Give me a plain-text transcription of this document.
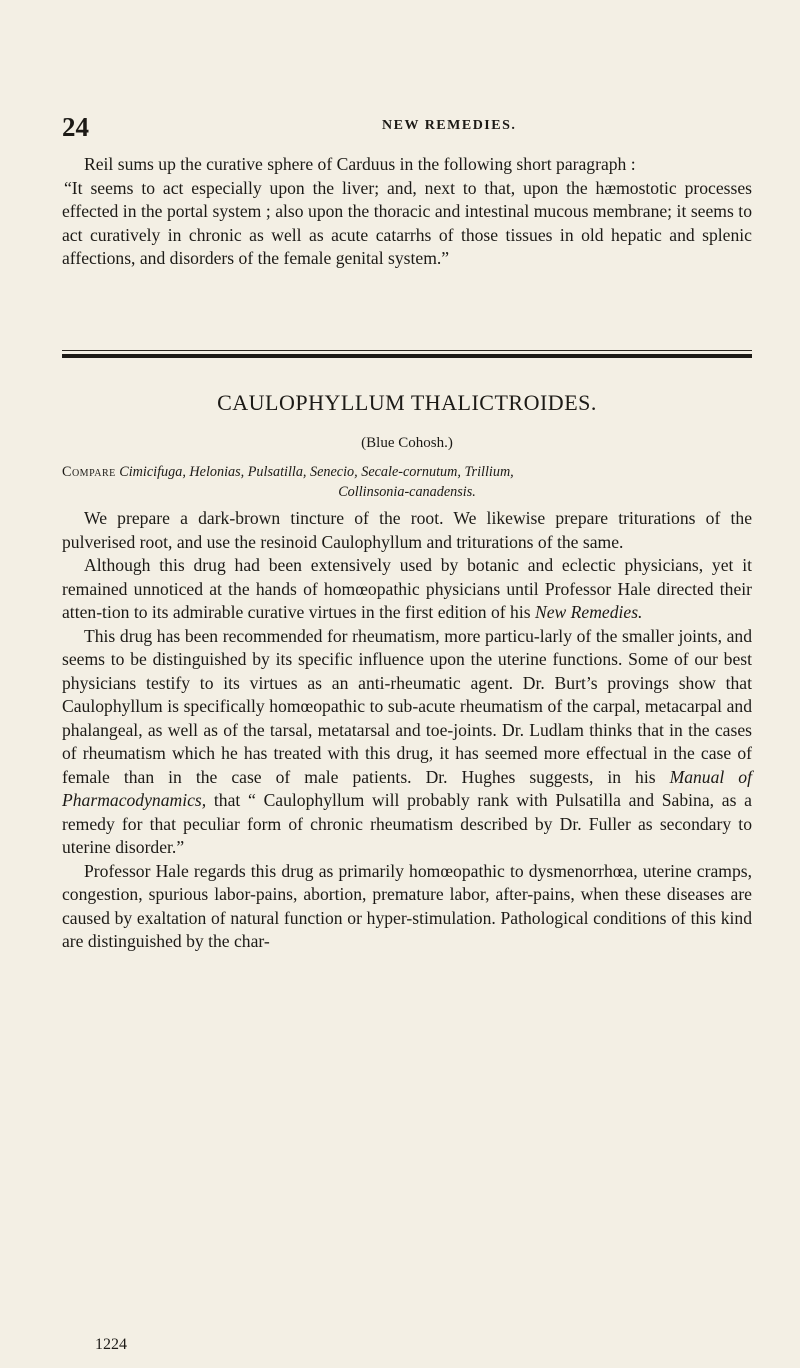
24	NEW REMEDIES.

Reil sums up the curative sphere of Carduus in the following short paragraph :

“It seems to act especially upon the liver; and, next to that, upon the hæmostotic processes effected in the portal system ; also upon the thoracic and intestinal mucous membrane; it seems to act curatively in chronic as well as acute catarrhs of those tissues in old hepatic and splenic affections, and disorders of the female genital system.”

CAULOPHYLLUM THALICTROIDES.
(Blue Cohosh.)
Compare Cimicifuga, Helonias, Pulsatilla, Senecio, Secale-cornutum, Trillium,
Collinsonia-canadensis.

We prepare a dark-brown tincture of the root. We likewise prepare triturations of the pulverised root, and use the resinoid Caulophyllum and triturations of the same.

Although this drug had been extensively used by botanic and eclectic physicians, yet it remained unnoticed at the hands of homœopathic physicians until Professor Hale directed their atten-tion to its admirable curative virtues in the first edition of his New Remedies.

This drug has been recommended for rheumatism, more particu-larly of the smaller joints, and seems to be distinguished by its specific influence upon the uterine functions. Some of our best physicians testify to its virtues as an anti-rheumatic agent. Dr. Burt’s provings show that Caulophyllum is specifically homœopathic to sub-acute rheumatism of the carpal, metacarpal and phalangeal, as well as of the tarsal, metatarsal and toe-joints. Dr. Ludlam thinks that in the cases of rheumatism which he has treated with this drug, it has seemed more effectual in the case of female than in the case of male patients. Dr. Hughes suggests, in his Manual of Pharmacodynamics, that “ Caulophyllum will probably rank with Pulsatilla and Sabina, as a remedy for that peculiar form of chronic rheumatism described by Dr. Fuller as secondary to uterine disorder.”

Professor Hale regards this drug as primarily homœopathic to dysmenorrhœa, uterine cramps, congestion, spurious labor-pains, abortion, premature labor, after-pains, when these diseases are caused by exaltation of natural function or hyper-stimulation. Pathological conditions of this kind are distinguished by the char-

1224
